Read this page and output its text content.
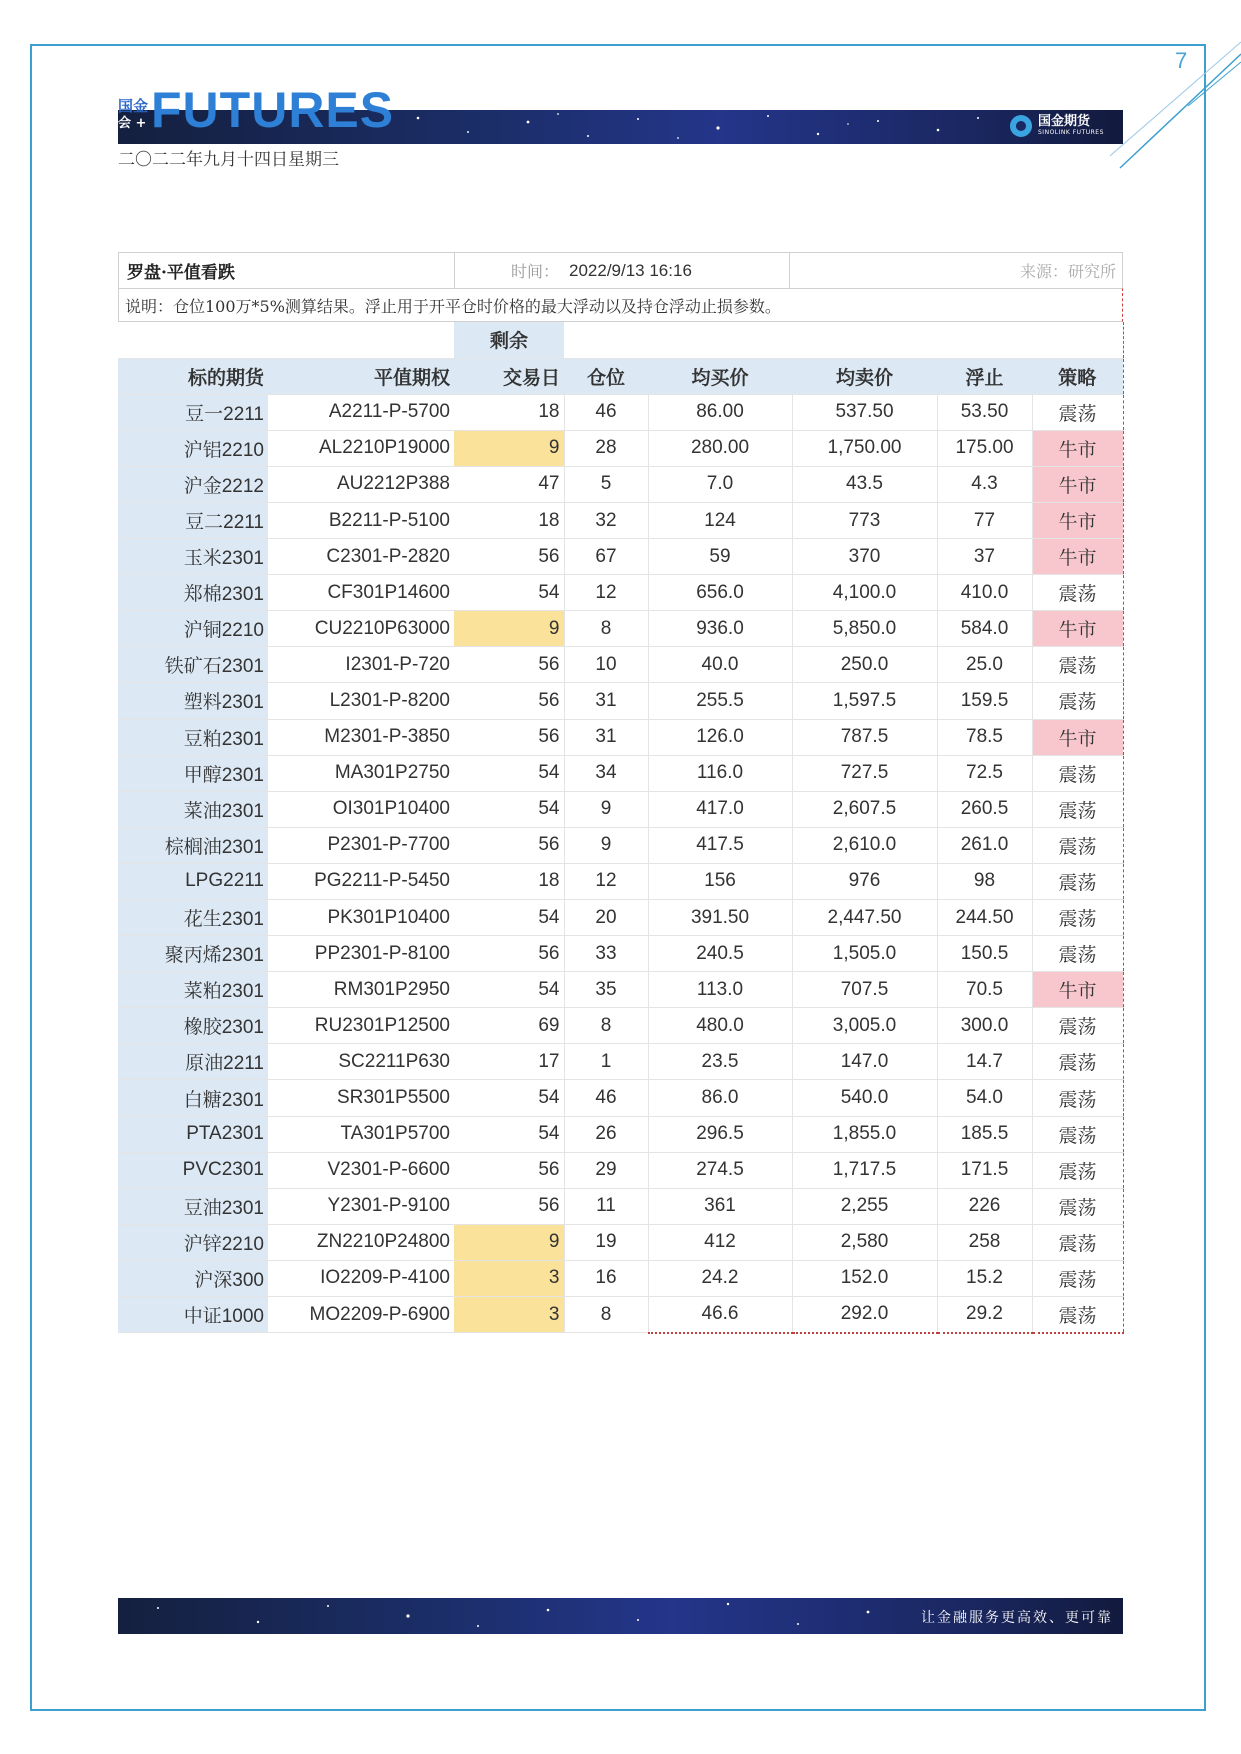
7
国金
会 + FUTURES	国金期货
SINOLINK FUTURES
二〇二二年九月十四日星期三
罗盘·平值看跌	时间： 2022/9/13 16:16	来源：研究所
说明：仓位100万*5%测算结果。浮止用于开平仓时价格的最大浮动以及持仓浮动止损参数。
		剩余					
标的期货	平值期权	交易日	仓位	均买价	均卖价	浮止	策略
豆一2211	A2211-P-5700	18	46	86.00	537.50	53.50	震荡
沪铝2210	AL2210P19000	9	28	280.00	1,750.00	175.00	牛市
沪金2212	AU2212P388	47	5	7.0	43.5	4.3	牛市
豆二2211	B2211-P-5100	18	32	124	773	77	牛市
玉米2301	C2301-P-2820	56	67	59	370	37	牛市
郑棉2301	CF301P14600	54	12	656.0	4,100.0	410.0	震荡
沪铜2210	CU2210P63000	9	8	936.0	5,850.0	584.0	牛市
铁矿石2301	I2301-P-720	56	10	40.0	250.0	25.0	震荡
塑料2301	L2301-P-8200	56	31	255.5	1,597.5	159.5	震荡
豆粕2301	M2301-P-3850	56	31	126.0	787.5	78.5	牛市
甲醇2301	MA301P2750	54	34	116.0	727.5	72.5	震荡
菜油2301	OI301P10400	54	9	417.0	2,607.5	260.5	震荡
棕榈油2301	P2301-P-7700	56	9	417.5	2,610.0	261.0	震荡
LPG2211	PG2211-P-5450	18	12	156	976	98	震荡
花生2301	PK301P10400	54	20	391.50	2,447.50	244.50	震荡
聚丙烯2301	PP2301-P-8100	56	33	240.5	1,505.0	150.5	震荡
菜粕2301	RM301P2950	54	35	113.0	707.5	70.5	牛市
橡胶2301	RU2301P12500	69	8	480.0	3,005.0	300.0	震荡
原油2211	SC2211P630	17	1	23.5	147.0	14.7	震荡
白糖2301	SR301P5500	54	46	86.0	540.0	54.0	震荡
PTA2301	TA301P5700	54	26	296.5	1,855.0	185.5	震荡
PVC2301	V2301-P-6600	56	29	274.5	1,717.5	171.5	震荡
豆油2301	Y2301-P-9100	56	11	361	2,255	226	震荡
沪锌2210	ZN2210P24800	9	19	412	2,580	258	震荡
沪深300	IO2209-P-4100	3	16	24.2	152.0	15.2	震荡
中证1000	MO2209-P-6900	3	8	46.6	292.0	29.2	震荡
让金融服务更高效、更可靠
